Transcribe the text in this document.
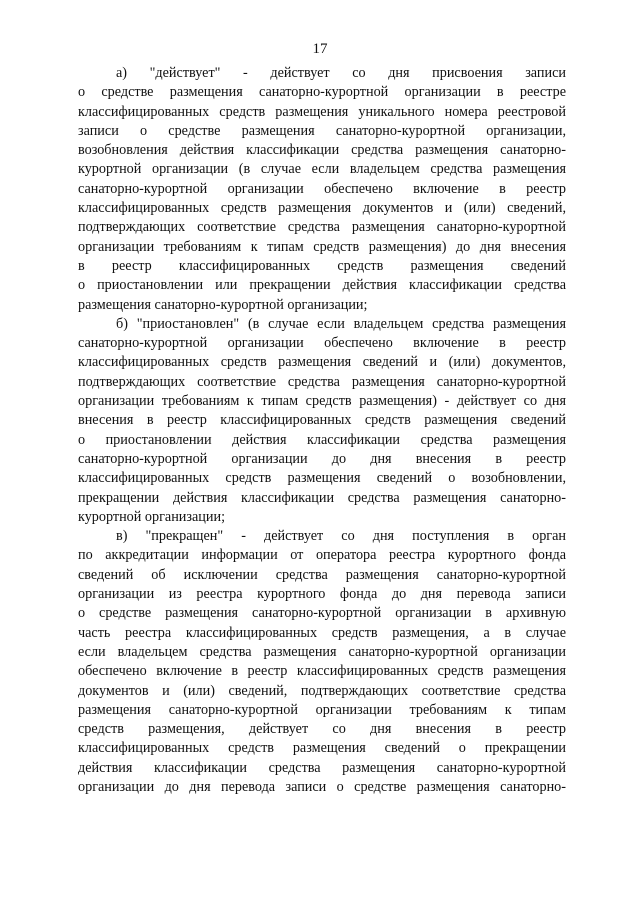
17

а) "действует" - действует со дня присвоения записи
о средстве размещения санаторно-курортной организации в реестре
классифицированных средств размещения уникального номера реестровой
записи о средстве размещения санаторно-курортной организации,
возобновления действия классификации средства размещения санаторно-
курортной организации (в случае если владельцем средства размещения
санаторно-курортной организации обеспечено включение в реестр
классифицированных средств размещения документов и (или) сведений,
подтверждающих соответствие средства размещения санаторно-курортной
организации требованиям к типам средств размещения) до дня внесения
в реестр классифицированных средств размещения сведений
о приостановлении или прекращении действия классификации средства
размещения санаторно-курортной организации;

б) "приостановлен" (в случае если владельцем средства размещения
санаторно-курортной организации обеспечено включение в реестр
классифицированных средств размещения сведений и (или) документов,
подтверждающих соответствие средства размещения санаторно-курортной
организации требованиям к типам средств размещения) - действует со дня
внесения в реестр классифицированных средств размещения сведений
о приостановлении действия классификации средства размещения
санаторно-курортной организации до дня внесения в реестр
классифицированных средств размещения сведений о возобновлении,
прекращении действия классификации средства размещения санаторно-
курортной организации;

в) "прекращен" - действует со дня поступления в орган
по аккредитации информации от оператора реестра курортного фонда
сведений об исключении средства размещения санаторно-курортной
организации из реестра курортного фонда до дня перевода записи
о средстве размещения санаторно-курортной организации в архивную
часть реестра классифицированных средств размещения, а в случае
если владельцем средства размещения санаторно-курортной организации
обеспечено включение в реестр классифицированных средств размещения
документов и (или) сведений, подтверждающих соответствие средства
размещения санаторно-курортной организации требованиям к типам
средств размещения, действует со дня внесения в реестр
классифицированных средств размещения сведений о прекращении
действия классификации средства размещения санаторно-курортной
организации до дня перевода записи о средстве размещения санаторно-
